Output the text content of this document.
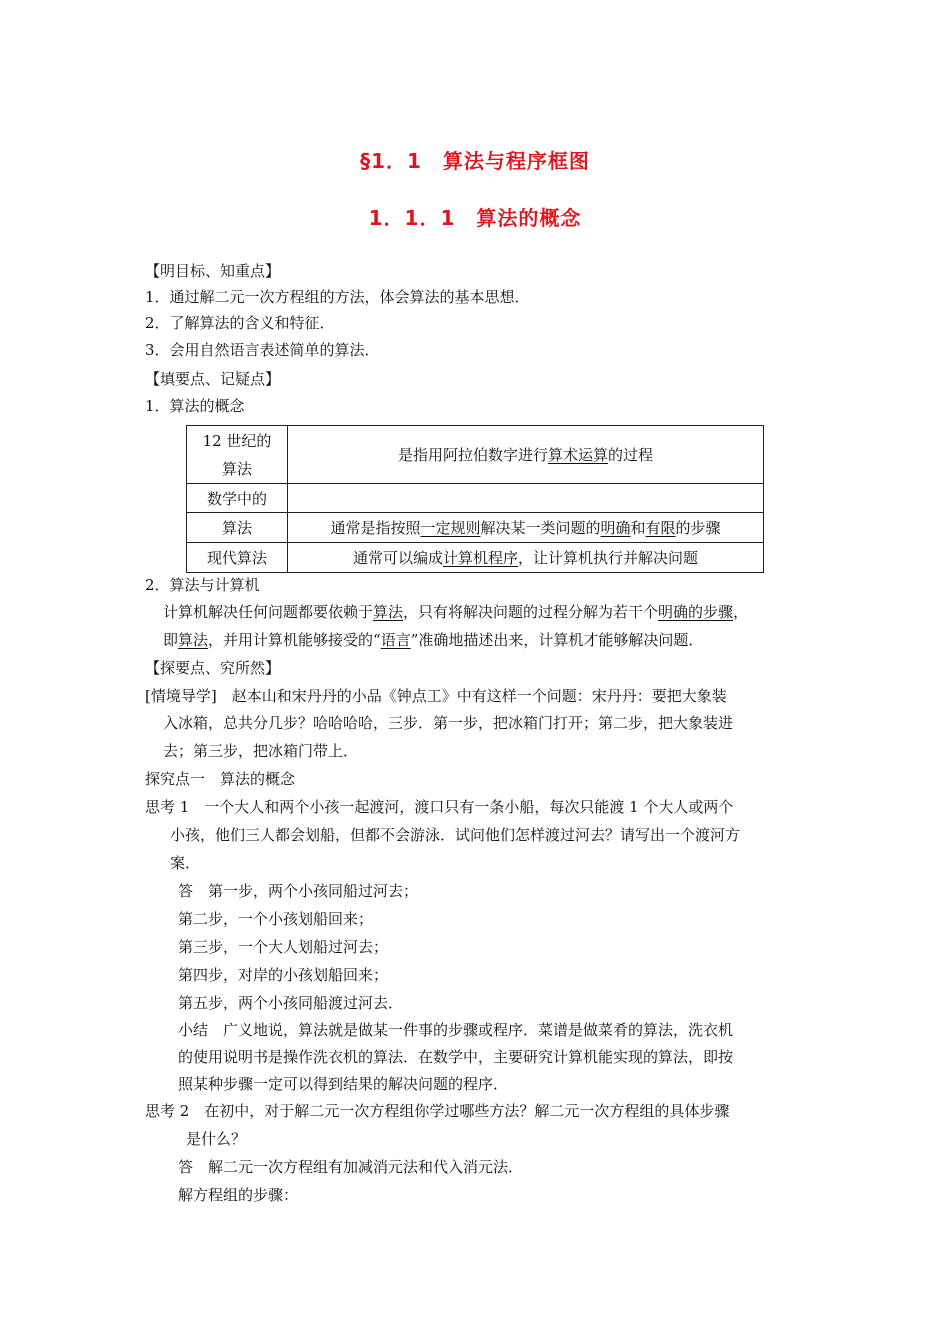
§1．1　算法与程序框图
1．1．1　算法的概念
【明目标、知重点】
1．通过解二元一次方程组的方法，体会算法的基本思想．
2．了解算法的含义和特征．
3．会用自然语言表述简单的算法．
【填要点、记疑点】
1．算法的概念
12 世纪的
算法	是指用阿拉伯数字进行算术运算的过程
数学中的	
算法	通常是指按照一定规则解决某一类问题的明确和有限的步骤
现代算法	通常可以编成计算机程序，让计算机执行并解决问题
2．算法与计算机
计算机解决任何问题都要依赖于算法，只有将解决问题的过程分解为若干个明确的步骤，
即算法，并用计算机能够接受的“语言”准确地描述出来，计算机才能够解决问题．
【探要点、究所然】
[情境导学]　赵本山和宋丹丹的小品《钟点工》中有这样一个问题：宋丹丹：要把大象装
入冰箱，总共分几步？哈哈哈哈，三步．第一步，把冰箱门打开；第二步，把大象装进
去；第三步，把冰箱门带上．
探究点一　算法的概念
思考 1　一个大人和两个小孩一起渡河，渡口只有一条小船，每次只能渡 1 个大人或两个
小孩，他们三人都会划船，但都不会游泳．试问他们怎样渡过河去？请写出一个渡河方
案．
答　第一步，两个小孩同船过河去；
第二步，一个小孩划船回来；
第三步，一个大人划船过河去；
第四步，对岸的小孩划船回来；
第五步，两个小孩同船渡过河去．
小结　广义地说，算法就是做某一件事的步骤或程序．菜谱是做菜肴的算法，洗衣机
的使用说明书是操作洗衣机的算法．在数学中，主要研究计算机能实现的算法，即按
照某种步骤一定可以得到结果的解决问题的程序．
思考 2　在初中，对于解二元一次方程组你学过哪些方法？解二元一次方程组的具体步骤
是什么？
答　解二元一次方程组有加减消元法和代入消元法．
解方程组的步骤：
